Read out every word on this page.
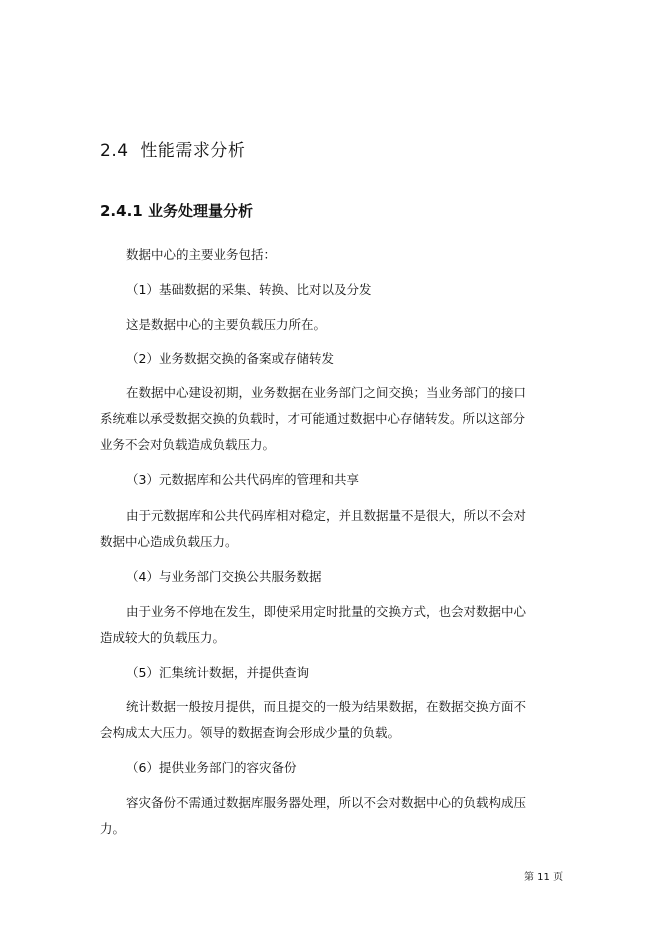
2.4 性能需求分析
2.4.1 业务处理量分析
数据中心的主要业务包括：
（1）基础数据的采集、转换、比对以及分发
这是数据中心的主要负载压力所在。
（2）业务数据交换的备案或存储转发
在数据中心建设初期，业务数据在业务部门之间交换；当业务部门的接口
系统难以承受数据交换的负载时，才可能通过数据中心存储转发。所以这部分
业务不会对负载造成负载压力。
（3）元数据库和公共代码库的管理和共享
由于元数据库和公共代码库相对稳定，并且数据量不是很大，所以不会对
数据中心造成负载压力。
（4）与业务部门交换公共服务数据
由于业务不停地在发生，即使采用定时批量的交换方式，也会对数据中心
造成较大的负载压力。
（5）汇集统计数据，并提供查询
统计数据一般按月提供，而且提交的一般为结果数据，在数据交换方面不
会构成太大压力。领导的数据查询会形成少量的负载。
（6）提供业务部门的容灾备份
容灾备份不需通过数据库服务器处理，所以不会对数据中心的负载构成压
力。
第 11 页
